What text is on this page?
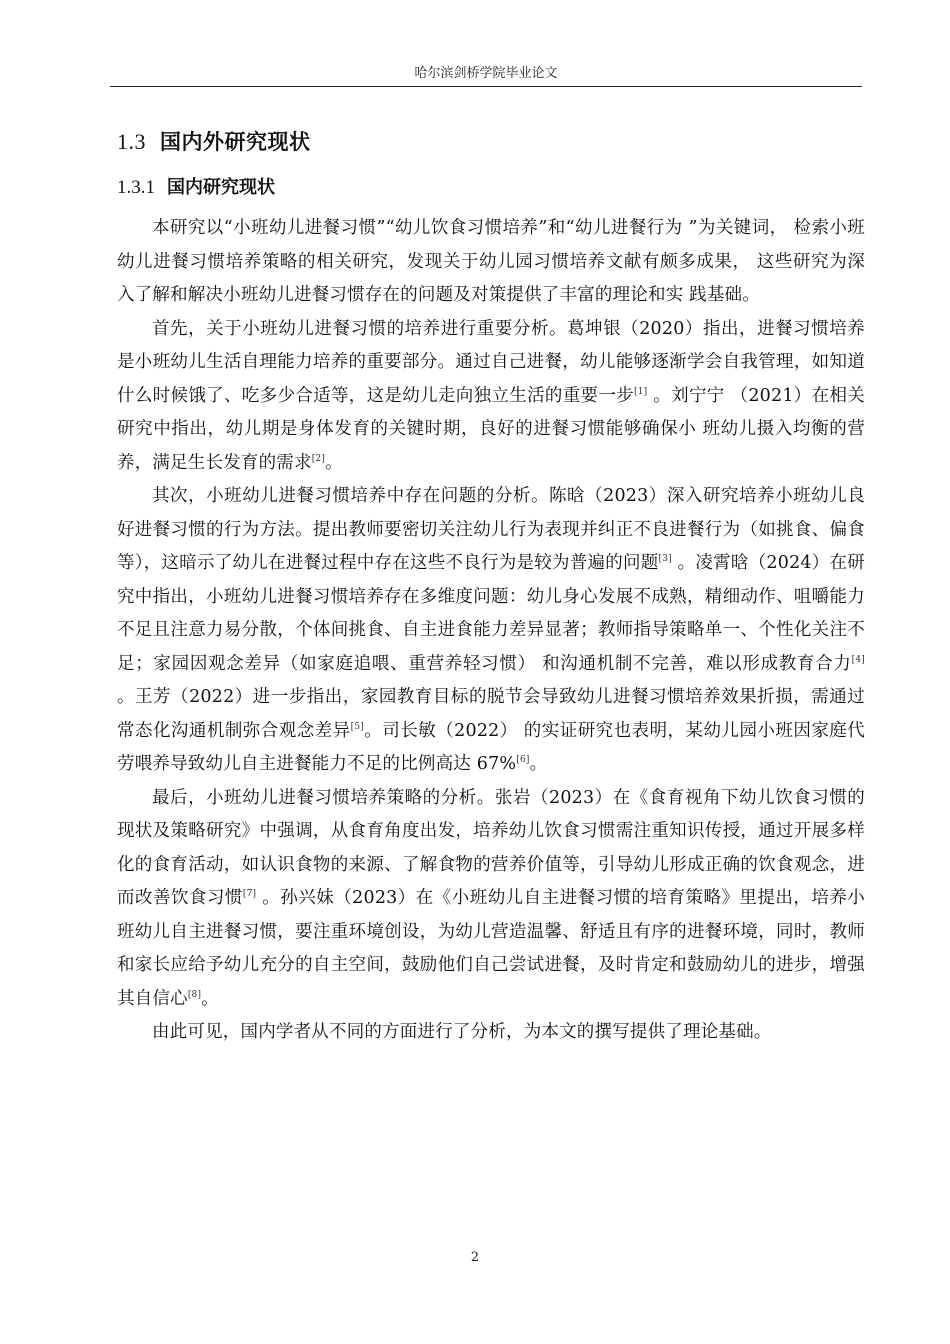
哈尔滨剑桥学院毕业论文
1.3 国内外研究现状
1.3.1 国内研究现状

本研究以“小班幼儿进餐习惯”“幼儿饮食习惯培养”和“幼儿进餐行为 ”为关键词， 检索小班幼儿进餐习惯培养策略的相关研究，发现关于幼儿园习惯培养文献有颇多成果， 这些研究为深入了解和解决小班幼儿进餐习惯存在的问题及对策提供了丰富的理论和实 践基础。

首先，关于小班幼儿进餐习惯的培养进行重要分析。葛坤银（2020）指出，进餐习惯培养是小班幼儿生活自理能力培养的重要部分。通过自己进餐，幼儿能够逐渐学会自我管理，如知道什么时候饿了、吃多少合适等，这是幼儿走向独立生活的重要一步[1] 。刘宁宁 （2021）在相关研究中指出，幼儿期是身体发育的关键时期，良好的进餐习惯能够确保小 班幼儿摄入均衡的营养，满足生长发育的需求[2]。

其次，小班幼儿进餐习惯培养中存在问题的分析。陈晗（2023）深入研究培养小班幼儿良好进餐习惯的行为方法。提出教师要密切关注幼儿行为表现并纠正不良进餐行为（如挑食、偏食等），这暗示了幼儿在进餐过程中存在这些不良行为是较为普遍的问题[3] 。凌霄晗（2024）在研究中指出，小班幼儿进餐习惯培养存在多维度问题：幼儿身心发展不成熟，精细动作、咀嚼能力不足且注意力易分散，个体间挑食、自主进食能力差异显著；教师指导策略单一、个性化关注不足；家园因观念差异（如家庭追喂、重营养轻习惯） 和沟通机制不完善，难以形成教育合力[4] 。王芳（2022）进一步指出，家园教育目标的脱节会导致幼儿进餐习惯培养效果折损，需通过常态化沟通机制弥合观念差异[5]。司长敏（2022） 的实证研究也表明，某幼儿园小班因家庭代劳喂养导致幼儿自主进餐能力不足的比例高达 67%[6]。

最后，小班幼儿进餐习惯培养策略的分析。张岩（2023）在《食育视角下幼儿饮食习惯的现状及策略研究》中强调，从食育角度出发，培养幼儿饮食习惯需注重知识传授，通过开展多样化的食育活动，如认识食物的来源、了解食物的营养价值等，引导幼儿形成正确的饮食观念，进而改善饮食习惯[7] 。孙兴妹（2023）在《小班幼儿自主进餐习惯的培育策略》里提出，培养小班幼儿自主进餐习惯，要注重环境创设，为幼儿营造温馨、舒适且有序的进餐环境，同时，教师和家长应给予幼儿充分的自主空间，鼓励他们自己尝试进餐，及时肯定和鼓励幼儿的进步，增强其自信心[8]。

由此可见，国内学者从不同的方面进行了分析，为本文的撰写提供了理论基础。

2
